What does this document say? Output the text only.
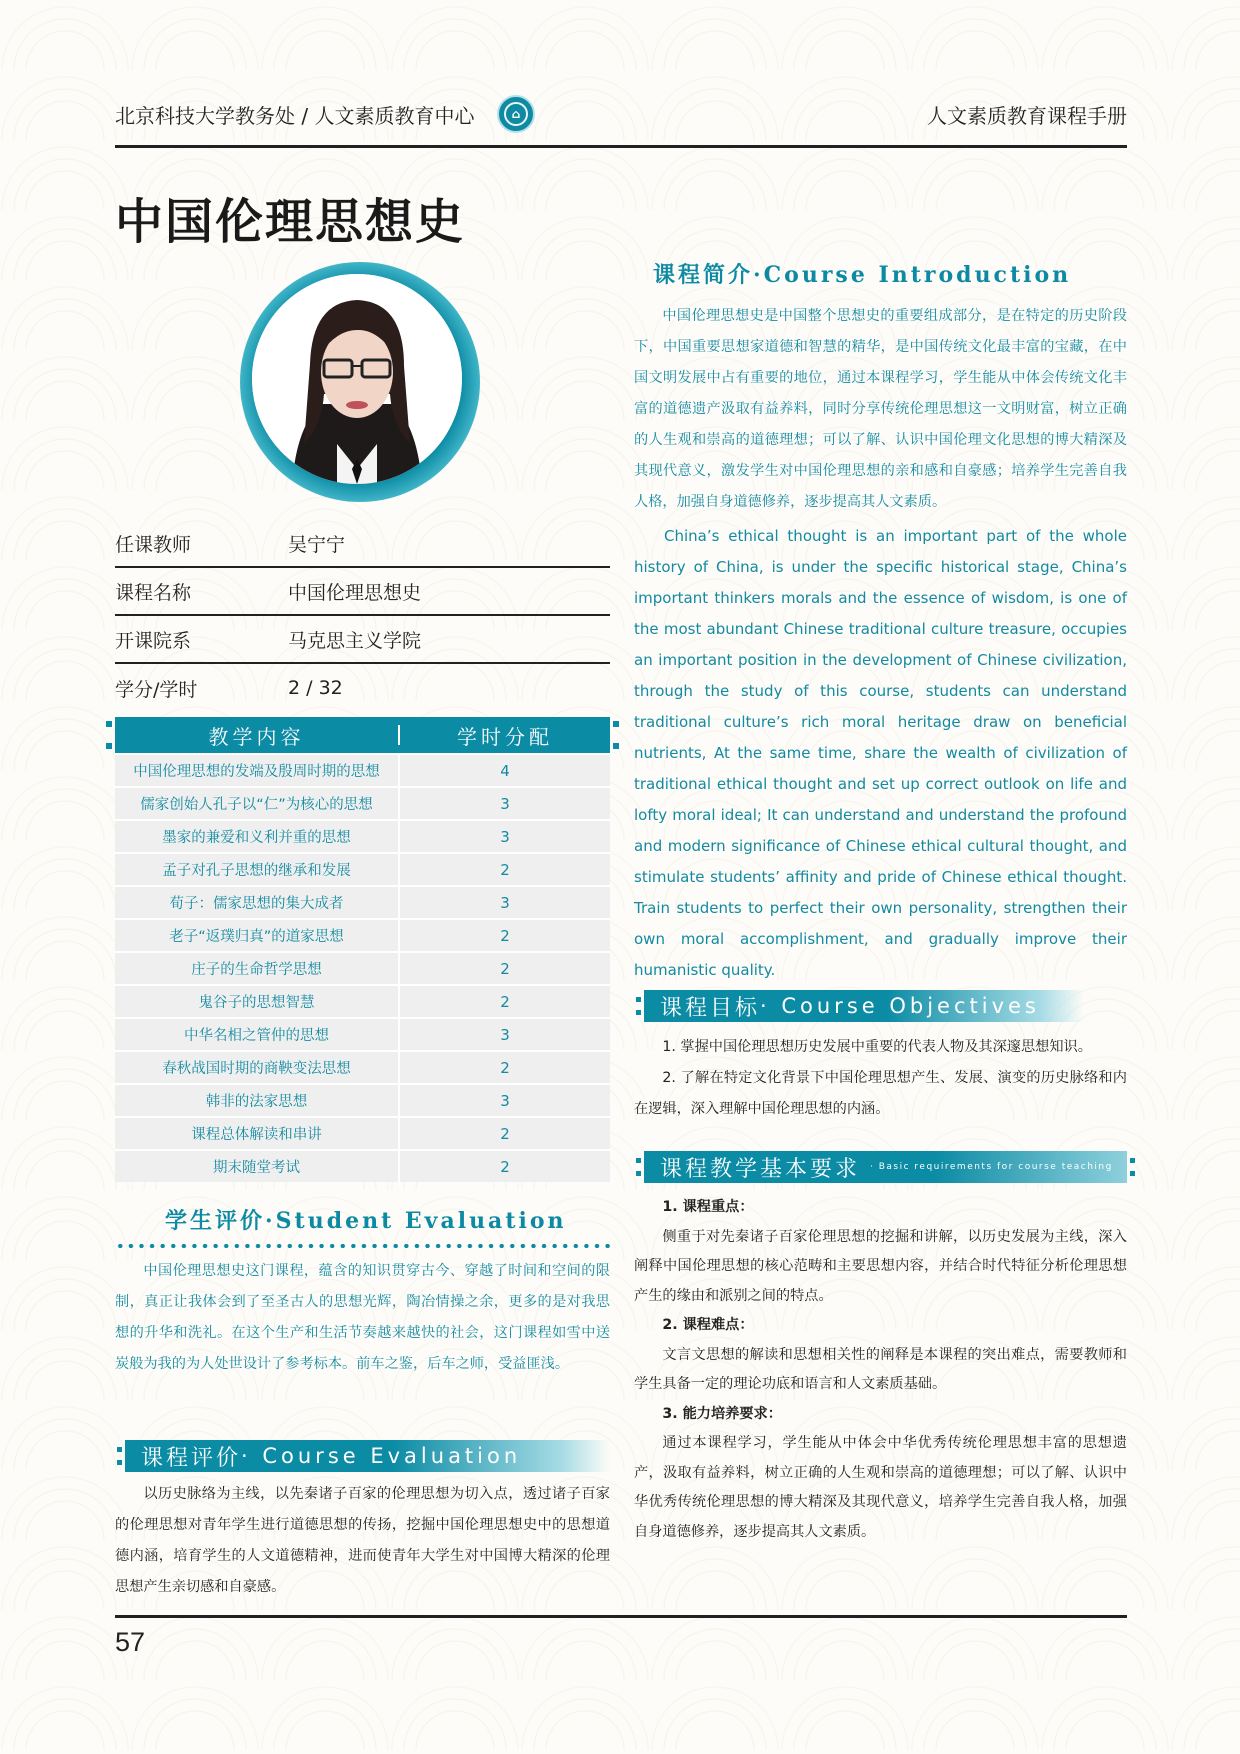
北京科技大学教务处 / 人文素质教育中心	⌂	人文素质教育课程手册
中国伦理思想史
任课教师	吴宁宁
课程名称	中国伦理思想史
开课院系	马克思主义学院
学分/学时	2 / 32
教学内容	学时分配
中国伦理思想的发端及殷周时期的思想	4
儒家创始人孔子以“仁”为核心的思想	3
墨家的兼爱和义利并重的思想	3
孟子对孔子思想的继承和发展	2
荀子：儒家思想的集大成者	3
老子“返璞归真”的道家思想	2
庄子的生命哲学思想	2
鬼谷子的思想智慧	2
中华名相之管仲的思想	3
春秋战国时期的商鞅变法思想	2
韩非的法家思想	3
课程总体解读和串讲	2
期末随堂考试	2
学生评价·Student Evaluation
中国伦理思想史这门课程，蕴含的知识贯穿古今、穿越了时间和空间的限制，真正让我体会到了至圣古人的思想光辉，陶冶情操之余，更多的是对我思想的升华和洗礼。在这个生产和生活节奏越来越快的社会，这门课程如雪中送炭般为我的为人处世设计了参考标本。前车之鉴，后车之师，受益匪浅。
课程评价 · Course Evaluation
以历史脉络为主线，以先秦诸子百家的伦理思想为切入点，透过诸子百家的伦理思想对青年学生进行道德思想的传扬，挖掘中国伦理思想史中的思想道德内涵，培育学生的人文道德精神，进而使青年大学生对中国博大精深的伦理思想产生亲切感和自豪感。
课程简介·Course Introduction
中国伦理思想史是中国整个思想史的重要组成部分，是在特定的历史阶段下，中国重要思想家道德和智慧的精华，是中国传统文化最丰富的宝藏，在中国文明发展中占有重要的地位，通过本课程学习，学生能从中体会传统文化丰富的道德遗产汲取有益养料，同时分享传统伦理思想这一文明财富，树立正确的人生观和崇高的道德理想；可以了解、认识中国伦理文化思想的博大精深及其现代意义，激发学生对中国伦理思想的亲和感和自豪感；培养学生完善自我人格，加强自身道德修养，逐步提高其人文素质。
China’s ethical thought is an important part of the whole history of China, is under the specific historical stage, China’s important thinkers morals and the essence of wisdom, is one of the most abundant Chinese traditional culture treasure, occupies an important position in the development of Chinese civilization, through the study of this course, students can understand traditional culture’s rich moral heritage draw on beneficial nutrients, At the same time, share the wealth of civilization of traditional ethical thought and set up correct outlook on life and lofty moral ideal; It can understand and understand the profound and modern significance of Chinese ethical cultural thought, and stimulate students’ affinity and pride of Chinese ethical thought. Train students to perfect their own personality, strengthen their own moral accomplishment, and gradually improve their humanistic quality.
课程目标 · Course Objectives
1. 掌握中国伦理思想历史发展中重要的代表人物及其深邃思想知识。
2. 了解在特定文化背景下中国伦理思想产生、发展、演变的历史脉络和内在逻辑，深入理解中国伦理思想的内涵。
课程教学基本要求 · Basic requirements for course teaching
1. 课程重点：
侧重于对先秦诸子百家伦理思想的挖掘和讲解，以历史发展为主线，深入阐释中国伦理思想的核心范畴和主要思想内容，并结合时代特征分析伦理思想产生的缘由和派别之间的特点。
2. 课程难点：
文言文思想的解读和思想相关性的阐释是本课程的突出难点，需要教师和学生具备一定的理论功底和语言和人文素质基础。
3. 能力培养要求：
通过本课程学习，学生能从中体会中华优秀传统伦理思想丰富的思想遗产，汲取有益养料，树立正确的人生观和崇高的道德理想；可以了解、认识中华优秀传统伦理思想的博大精深及其现代意义，培养学生完善自我人格，加强自身道德修养，逐步提高其人文素质。
57
